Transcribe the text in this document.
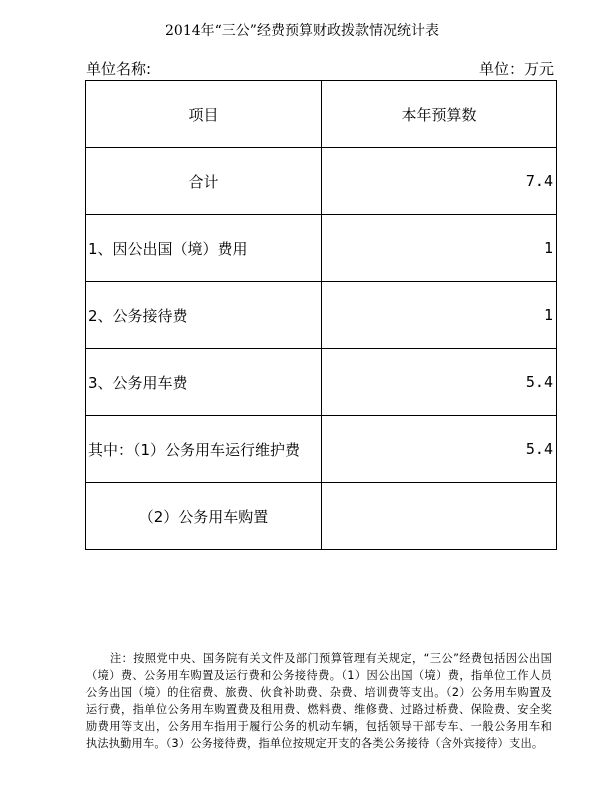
2014年“三公”经费预算财政拨款情况统计表
单位名称:	单位：万元
项目	本年预算数
合计	7.4
1、因公出国（境）费用	1
2、公务接待费	1
3、公务用车费	5.4
其中：（1）公务用车运行维护费	5.4
（2）公务用车购置	
注：按照党中央、国务院有关文件及部门预算管理有关规定，“三公”经费包括因公出国（境）费、公务用车购置及运行费和公务接待费。（1）因公出国（境）费，指单位工作人员公务出国（境）的住宿费、旅费、伙食补助费、杂费、培训费等支出。（2）公务用车购置及运行费，指单位公务用车购置费及租用费、燃料费、维修费、过路过桥费、保险费、安全奖励费用等支出，公务用车指用于履行公务的机动车辆，包括领导干部专车、一般公务用车和执法执勤用车。（3）公务接待费，指单位按规定开支的各类公务接待（含外宾接待）支出。
